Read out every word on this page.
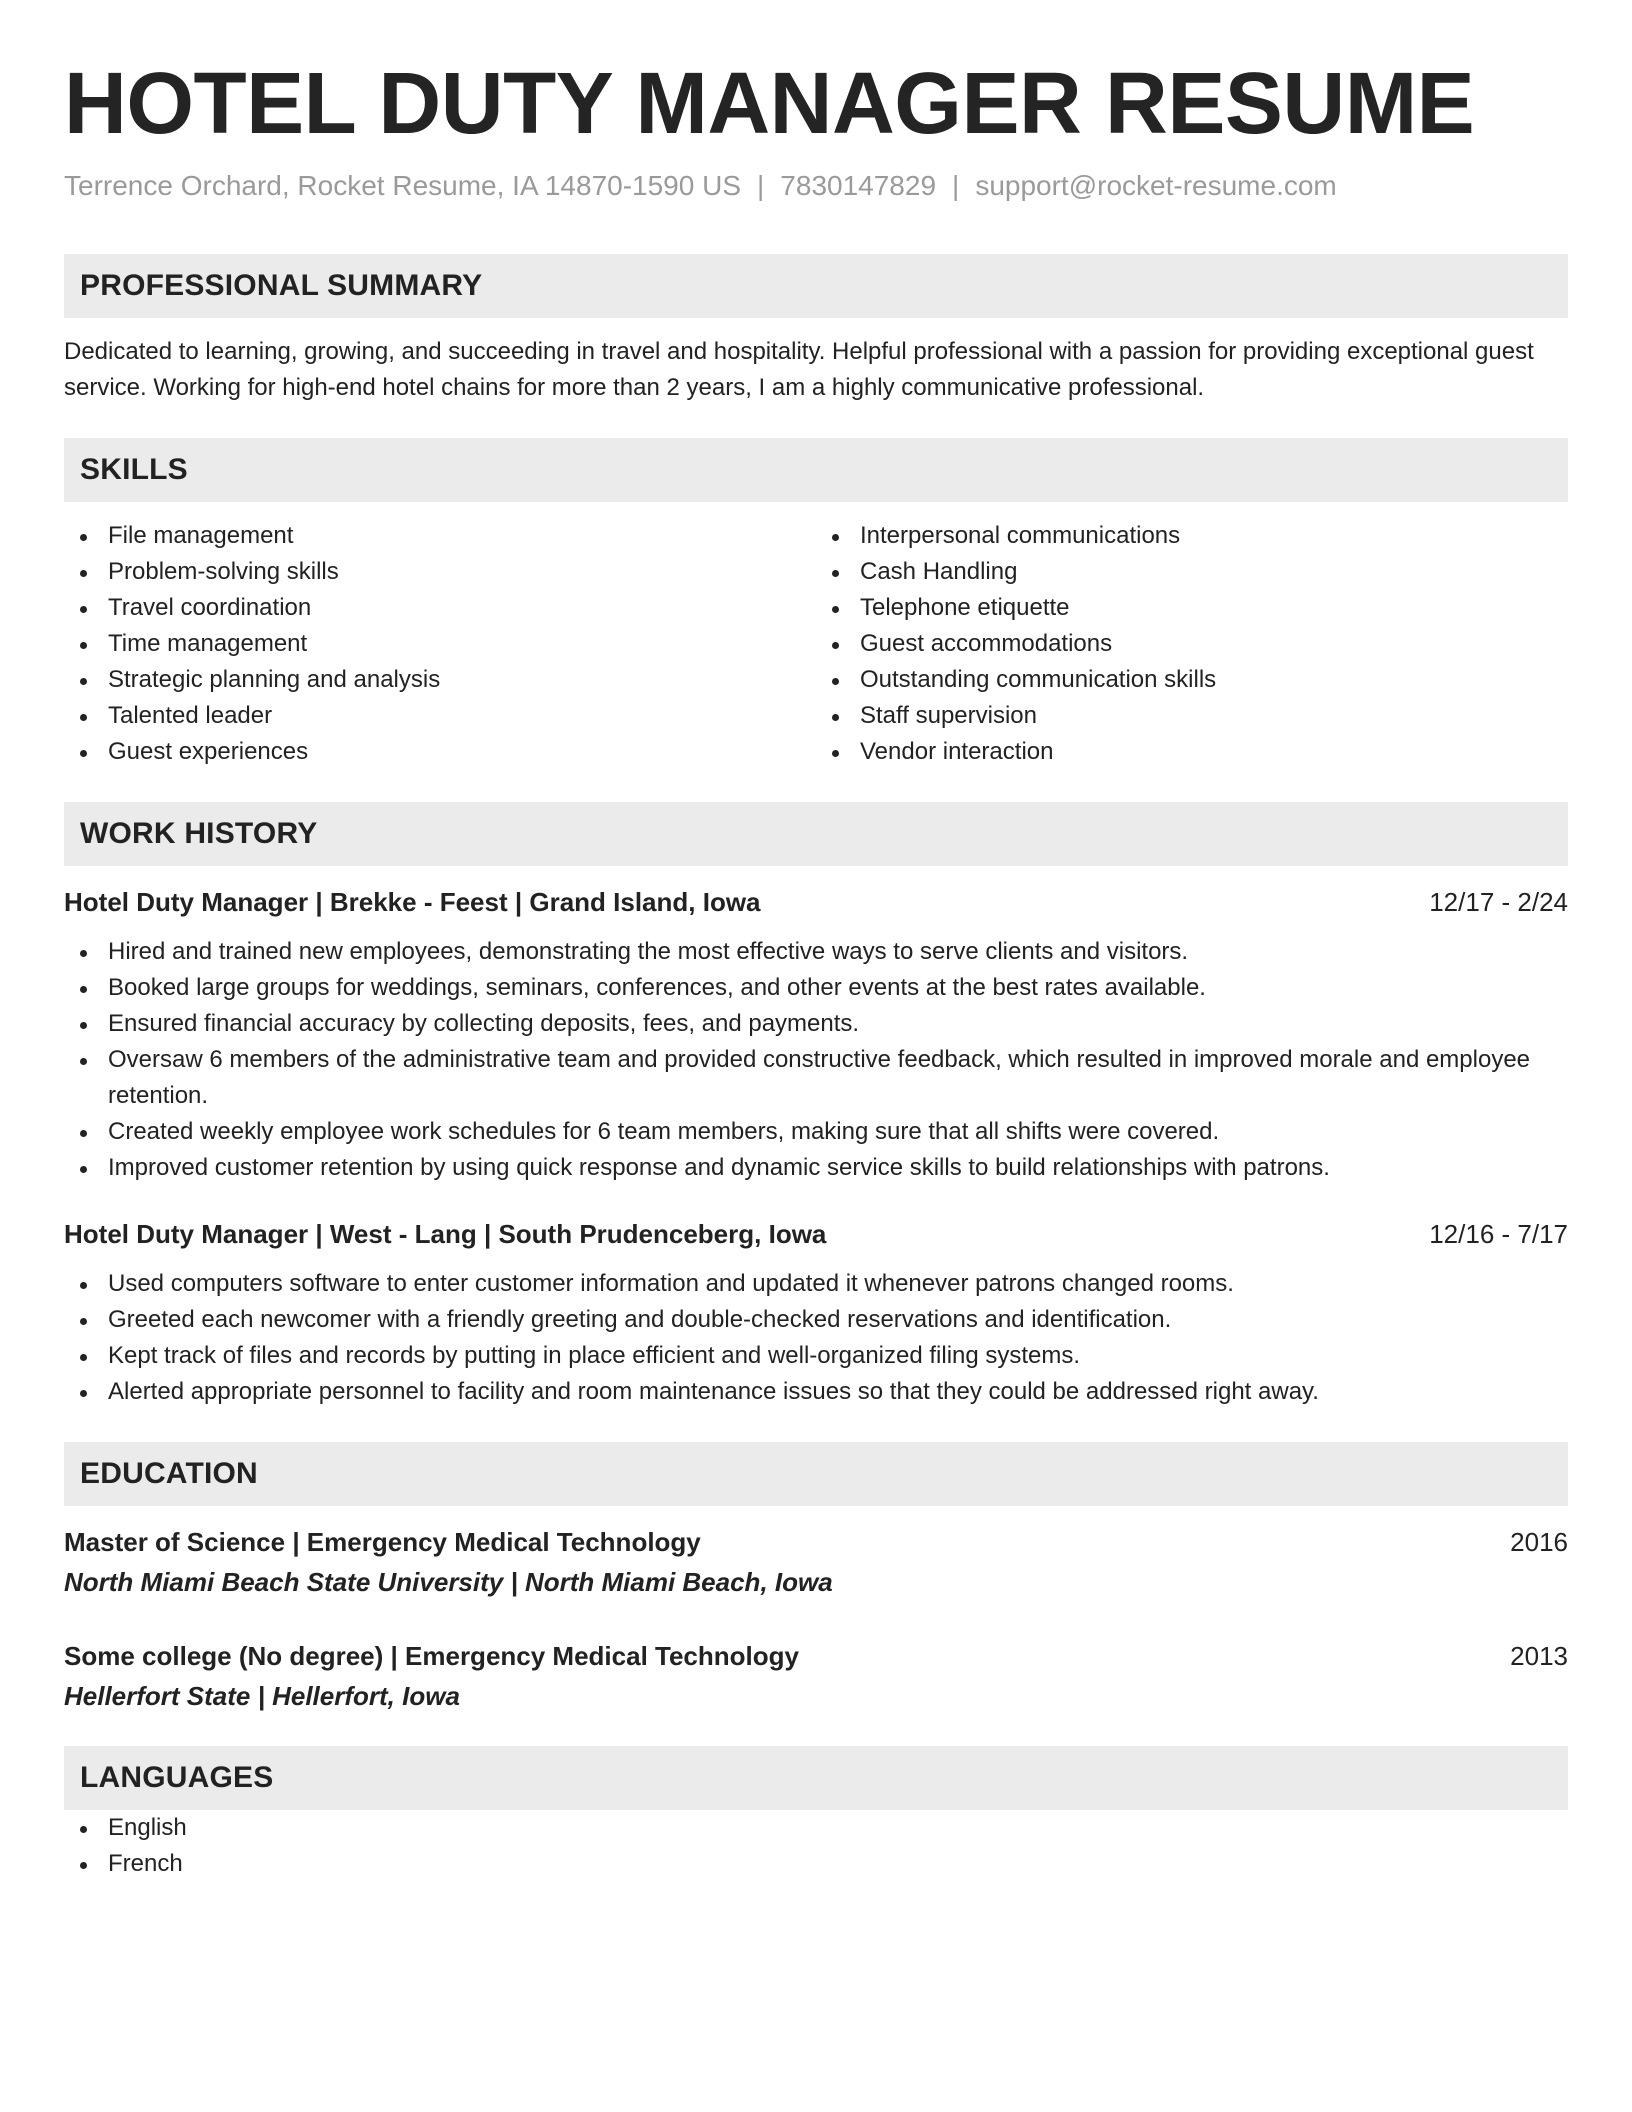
HOTEL DUTY MANAGER RESUME
Terrence Orchard, Rocket Resume, IA 14870-1590 US | 7830147829 | support@rocket-resume.com
PROFESSIONAL SUMMARY
Dedicated to learning, growing, and succeeding in travel and hospitality. Helpful professional with a passion for providing exceptional guest service. Working for high-end hotel chains for more than 2 years, I am a highly communicative professional.
SKILLS
File management
Problem-solving skills
Travel coordination
Time management
Strategic planning and analysis
Talented leader
Guest experiences
Interpersonal communications
Cash Handling
Telephone etiquette
Guest accommodations
Outstanding communication skills
Staff supervision
Vendor interaction
WORK HISTORY
Hotel Duty Manager | Brekke - Feest | Grand Island, Iowa	12/17 - 2/24
Hired and trained new employees, demonstrating the most effective ways to serve clients and visitors.
Booked large groups for weddings, seminars, conferences, and other events at the best rates available.
Ensured financial accuracy by collecting deposits, fees, and payments.
Oversaw 6 members of the administrative team and provided constructive feedback, which resulted in improved morale and employee retention.
Created weekly employee work schedules for 6 team members, making sure that all shifts were covered.
Improved customer retention by using quick response and dynamic service skills to build relationships with patrons.
Hotel Duty Manager | West - Lang | South Prudenceberg, Iowa	12/16 - 7/17
Used computers software to enter customer information and updated it whenever patrons changed rooms.
Greeted each newcomer with a friendly greeting and double-checked reservations and identification.
Kept track of files and records by putting in place efficient and well-organized filing systems.
Alerted appropriate personnel to facility and room maintenance issues so that they could be addressed right away.
EDUCATION
Master of Science | Emergency Medical Technology	2016
North Miami Beach State University | North Miami Beach, Iowa
Some college (No degree) | Emergency Medical Technology	2013
Hellerfort State | Hellerfort, Iowa
LANGUAGES
English
French
